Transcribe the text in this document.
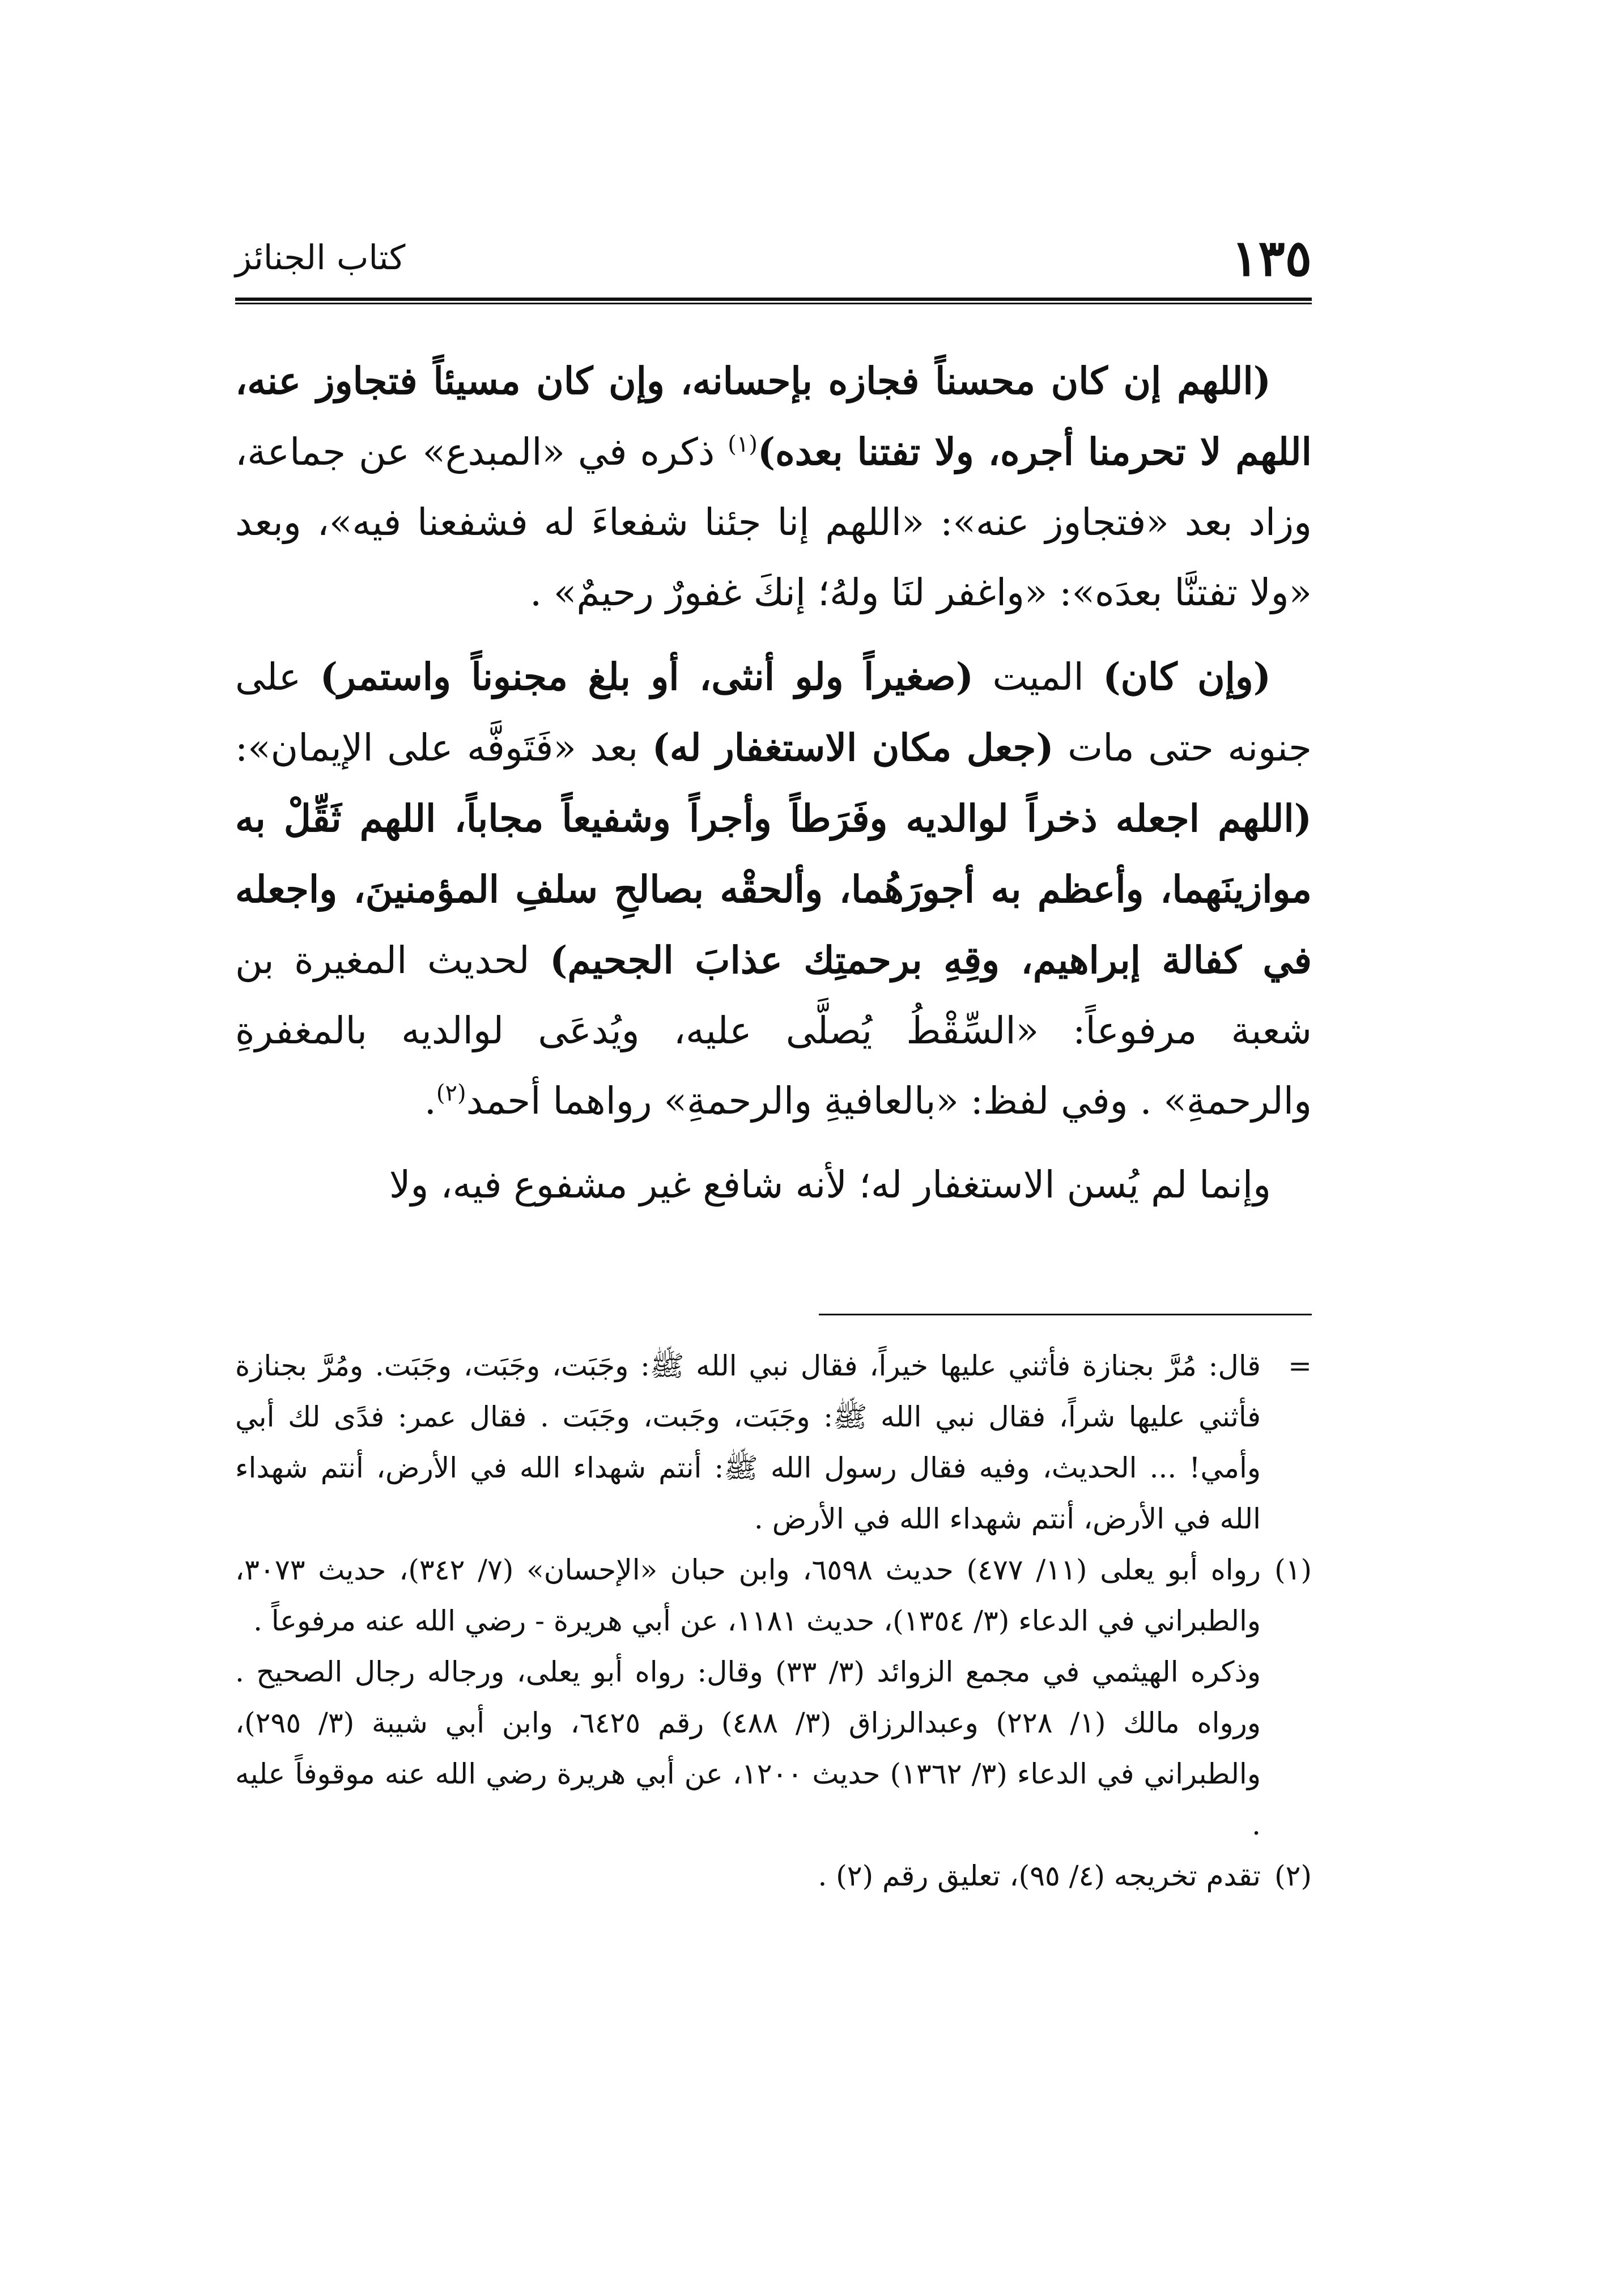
١٣٥
كتاب الجنائز

(اللهم إن كان محسناً فجازه بإحسانه، وإن كان مسيئاً فتجاوز عنه، اللهم لا تحرمنا أجره، ولا تفتنا بعده)$^{(١)}$ ذكره في «المبدع» عن جماعة، وزاد بعد «فتجاوز عنه»: «اللهم إنا جئنا شفعاءَ له فشفعنا فيه»، وبعد «ولا تفتنَّا بعدَه»: «واغفر لنَا ولهُ؛ إنكَ غفورٌ رحيمٌ» .

(وإن كان) الميت (صغيراً ولو أنثى، أو بلغ مجنوناً واستمر) على جنونه حتى مات (جعل مكان الاستغفار له) بعد «فَتَوفَّه على الإيمان»: (اللهم اجعله ذخراً لوالديه وفَرَطاً وأجراً وشفيعاً مجاباً، اللهم ثَقِّلْ به موازينَهما، وأعظم به أجورَهُما، وألحقْه بصالحِ سلفِ المؤمنينَ، واجعله في كفالة إبراهيم، وقِهِ برحمتِك عذابَ الجحيم) لحديث المغيرة بن شعبة مرفوعاً: «السِّقْطُ يُصلَّى عليه، ويُدعَى لوالديه بالمغفرةِ والرحمةِ» . وفي لفظ: «بالعافيةِ والرحمةِ» رواهما أحمد$^{(٢)}$.

وإنما لم يُسن الاستغفار له؛ لأنه شافع غير مشفوع فيه، ولا

=
قال: مُرَّ بجنازة فأثني عليها خيراً، فقال نبي الله ﷺ: وجَبَت، وجَبَت، وجَبَت. ومُرَّ بجنازة فأثني عليها شراً، فقال نبي الله ﷺ: وجَبَت، وجَبت، وجَبَت . فقال عمر: فدًى لك أبي وأمي! ... الحديث، وفيه فقال رسول الله ﷺ: أنتم شهداء الله في الأرض، أنتم شهداء الله في الأرض، أنتم شهداء الله في الأرض .

(١)
رواه أبو يعلى (١١/ ٤٧٧) حديث ٦٥٩٨، وابن حبان «الإحسان» (٧/ ٣٤٢)، حديث ٣٠٧٣، والطبراني في الدعاء (٣/ ١٣٥٤)، حديث ١١٨١، عن أبي هريرة - رضي الله عنه مرفوعاً .

وذكره الهيثمي في مجمع الزوائد (٣/ ٣٣) وقال: رواه أبو يعلى، ورجاله رجال الصحيح . ورواه مالك (١/ ٢٢٨) وعبدالرزاق (٣/ ٤٨٨) رقم ٦٤٢٥، وابن أبي شيبة (٣/ ٢٩٥)، والطبراني في الدعاء (٣/ ١٣٦٢) حديث ١٢٠٠، عن أبي هريرة رضي الله عنه موقوفاً عليه .

(٢)
تقدم تخريجه (٤/ ٩٥)، تعليق رقم (٢) .
